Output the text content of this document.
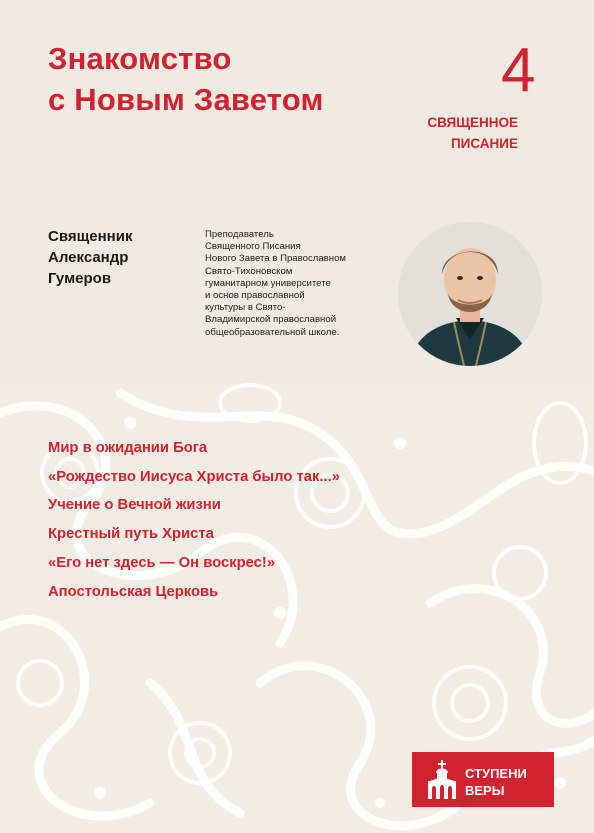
Знакомство
с Новым Заветом	4
СВЯЩЕННОЕ
ПИСАНИЕ
Священник
Александр
Гумеров
Преподаватель
Священного Писания
Нового Завета в Православном
Свято-Тихоновском
гуманитарном университете
и основ православной
культуры в Свято-
Владимирской православной
общеобразовательной школе.
Мир в ожидании Бога
«Рождество Иисуса Христа было так...»
Учение о Вечной жизни
Крестный путь Христа
«Его нет здесь — Он воскрес!»
Апостольская Церковь
СТУПЕНИ
ВЕРЫ
